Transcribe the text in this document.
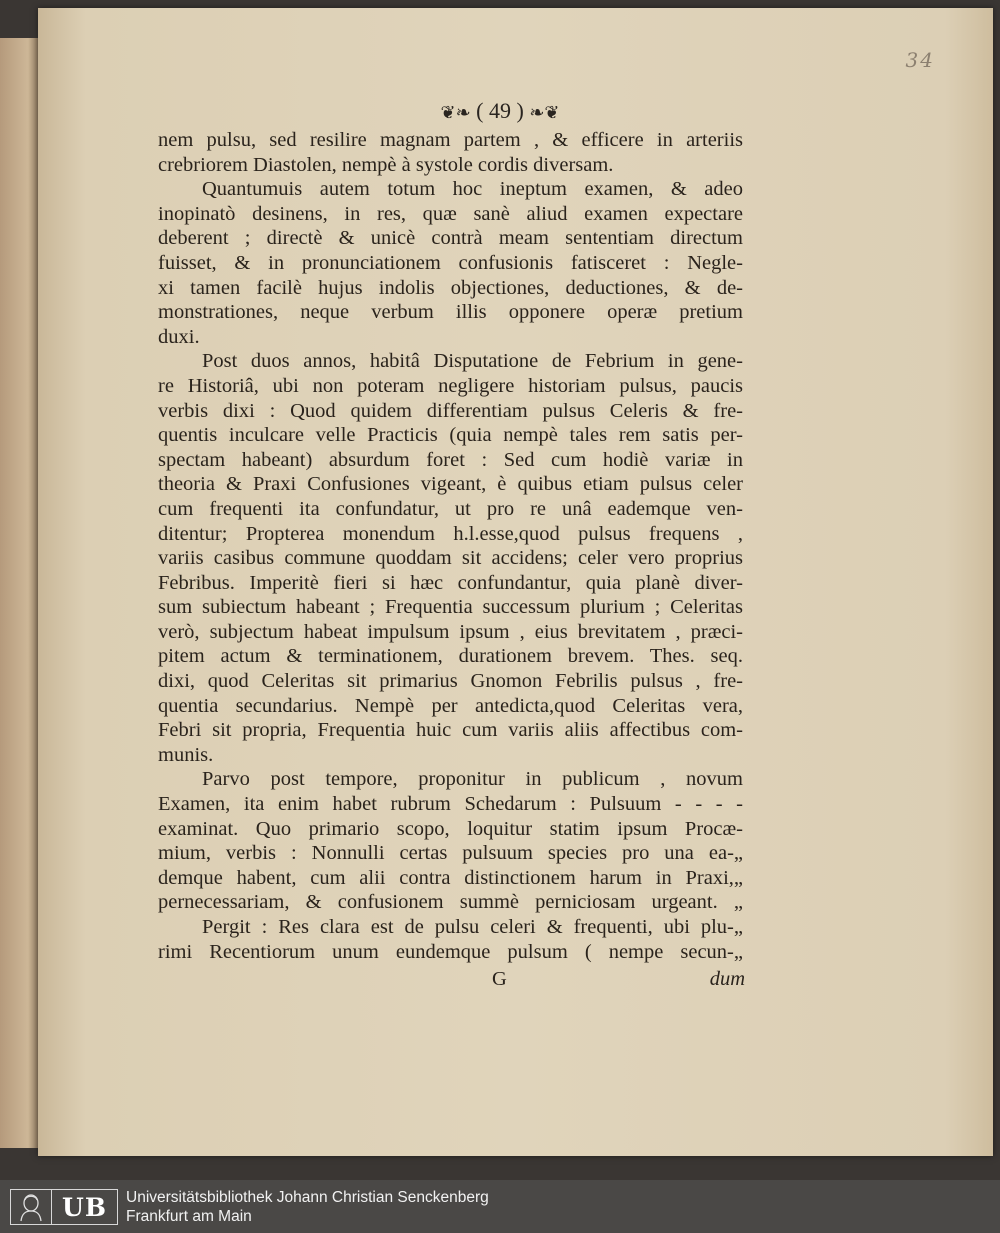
34
❦❧ ( 49 ) ❧❦
nem pulsu, sed resilire magnam partem , & efficere in arteriis
crebriorem Diastolen, nempè à systole cordis diversam.
Quantumuis autem totum hoc ineptum examen, & adeo
inopinatò desinens, in res, quæ sanè aliud examen expectare
deberent ; directè & unicè contrà meam sententiam directum
fuisset, & in pronunciationem confusionis fatisceret : Negle-
xi tamen facilè hujus indolis objectiones, deductiones, & de-
monstrationes, neque verbum illis opponere operæ pretium
duxi.
Post duos annos, habitâ Disputatione de Febrium in gene-
re Historiâ, ubi non poteram negligere historiam pulsus, paucis
verbis dixi : Quod quidem differentiam pulsus Celeris & fre-
quentis inculcare velle Practicis (quia nempè tales rem satis per-
spectam habeant) absurdum foret : Sed cum hodiè variæ in
theoria & Praxi Confusiones vigeant, è quibus etiam pulsus celer
cum frequenti ita confundatur, ut pro re unâ eademque ven-
ditentur; Propterea monendum h.l.esse,quod pulsus frequens ,
variis casibus commune quoddam sit accidens; celer vero proprius
Febribus. Imperitè fieri si hæc confundantur, quia planè diver-
sum subiectum habeant ; Frequentia successum plurium ; Celeritas
verò, subjectum habeat impulsum ipsum , eius brevitatem , præci-
pitem actum & terminationem, durationem brevem. Thes. seq.
dixi, quod Celeritas sit primarius Gnomon Febrilis pulsus , fre-
quentia secundarius. Nempè per antedicta,quod Celeritas vera,
Febri sit propria, Frequentia huic cum variis aliis affectibus com-
munis.
Parvo post tempore, proponitur in publicum , novum
Examen, ita enim habet rubrum Schedarum : Pulsuum - - - -
examinat. Quo primario scopo, loquitur statim ipsum Procæ-
mium, verbis : Nonnulli certas pulsuum species pro una ea-„
demque habent, cum alii contra distinctionem harum in Praxi,„
pernecessariam, & confusionem summè perniciosam urgeant. „
Pergit : Res clara est de pulsu celeri & frequenti, ubi plu-„
rimi Recentiorum unum eundemque pulsum ( nempe secun-„
G	dum
UB	Universitätsbibliothek Johann Christian Senckenberg
Frankfurt am Main
